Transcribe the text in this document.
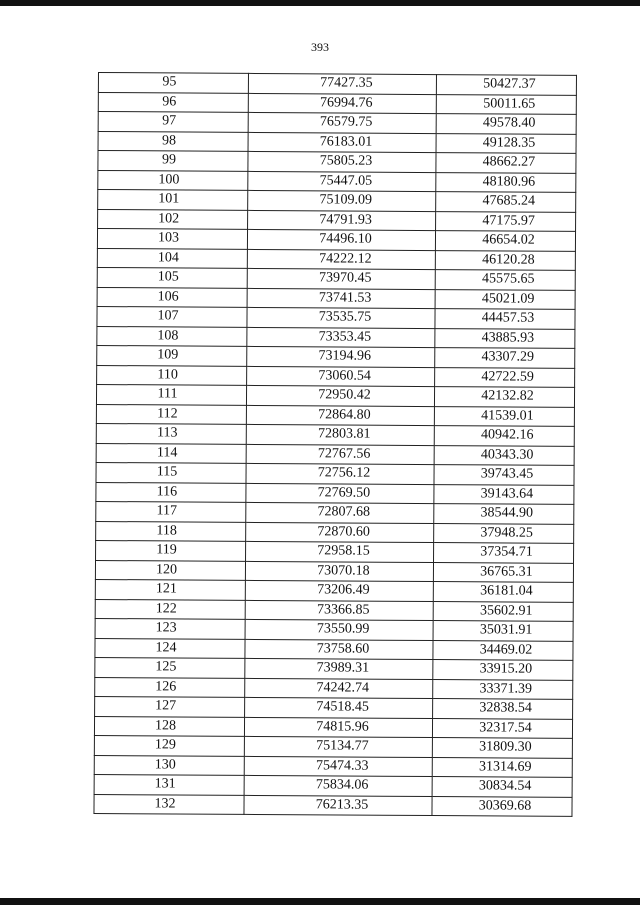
393
95	77427.35	50427.37
96	76994.76	50011.65
97	76579.75	49578.40
98	76183.01	49128.35
99	75805.23	48662.27
100	75447.05	48180.96
101	75109.09	47685.24
102	74791.93	47175.97
103	74496.10	46654.02
104	74222.12	46120.28
105	73970.45	45575.65
106	73741.53	45021.09
107	73535.75	44457.53
108	73353.45	43885.93
109	73194.96	43307.29
110	73060.54	42722.59
111	72950.42	42132.82
112	72864.80	41539.01
113	72803.81	40942.16
114	72767.56	40343.30
115	72756.12	39743.45
116	72769.50	39143.64
117	72807.68	38544.90
118	72870.60	37948.25
119	72958.15	37354.71
120	73070.18	36765.31
121	73206.49	36181.04
122	73366.85	35602.91
123	73550.99	35031.91
124	73758.60	34469.02
125	73989.31	33915.20
126	74242.74	33371.39
127	74518.45	32838.54
128	74815.96	32317.54
129	75134.77	31809.30
130	75474.33	31314.69
131	75834.06	30834.54
132	76213.35	30369.68
